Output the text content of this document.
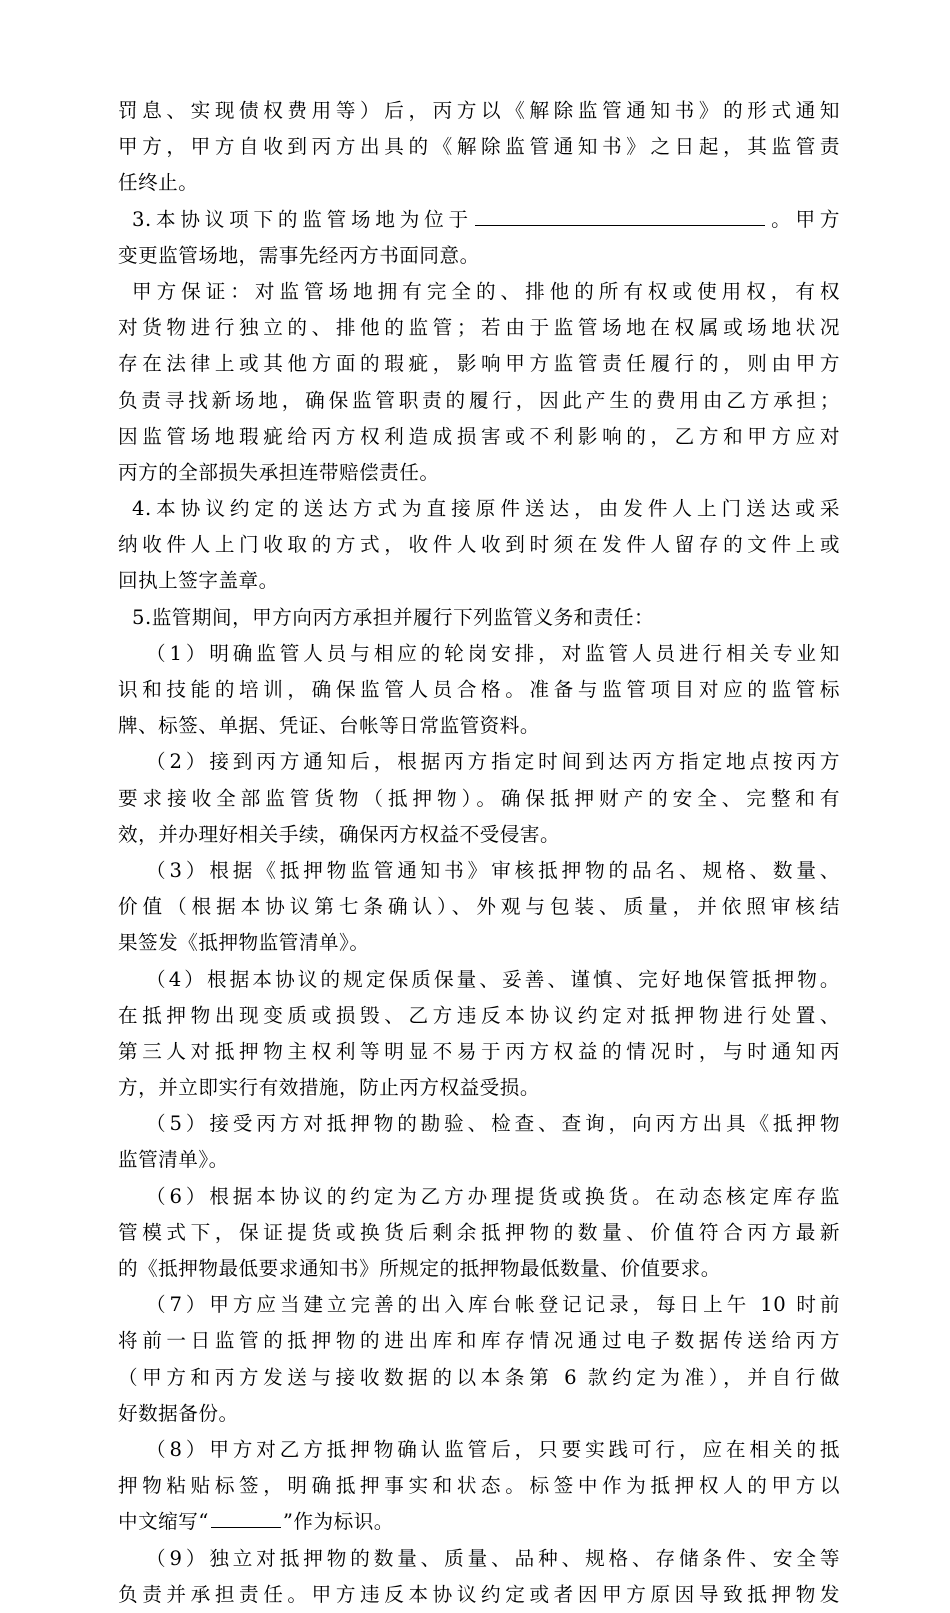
罚息、实现债权费用等）后，丙方以《解除监管通知书》的形式通知
甲方，甲方自收到丙方出具的《解除监管通知书》之日起，其监管责
任终止。
3.本协议项下的监管场地为位于	。甲方
变更监管场地，需事先经丙方书面同意。
甲方保证：对监管场地拥有完全的、排他的所有权或使用权，有权
对货物进行独立的、排他的监管；若由于监管场地在权属或场地状况
存在法律上或其他方面的瑕疵，影响甲方监管责任履行的，则由甲方
负责寻找新场地，确保监管职责的履行，因此产生的费用由乙方承担；
因监管场地瑕疵给丙方权利造成损害或不利影响的，乙方和甲方应对
丙方的全部损失承担连带赔偿责任。
4.本协议约定的送达方式为直接原件送达，由发件人上门送达或采
纳收件人上门收取的方式，收件人收到时须在发件人留存的文件上或
回执上签字盖章。
5.监管期间，甲方向丙方承担并履行下列监管义务和责任：
（1）明确监管人员与相应的轮岗安排，对监管人员进行相关专业知
识和技能的培训，确保监管人员合格。准备与监管项目对应的监管标
牌、标签、单据、凭证、台帐等日常监管资料。
（2）接到丙方通知后，根据丙方指定时间到达丙方指定地点按丙方
要求接收全部监管货物（抵押物）。确保抵押财产的安全、完整和有
效，并办理好相关手续，确保丙方权益不受侵害。
（3）根据《抵押物监管通知书》审核抵押物的品名、规格、数量、
价值（根据本协议第七条确认）、外观与包装、质量，并依照审核结
果签发《抵押物监管清单》。
（4）根据本协议的规定保质保量、妥善、谨慎、完好地保管抵押物。
在抵押物出现变质或损毁、乙方违反本协议约定对抵押物进行处置、
第三人对抵押物主权利等明显不易于丙方权益的情况时，与时通知丙
方，并立即实行有效措施，防止丙方权益受损。
（5）接受丙方对抵押物的勘验、检查、查询，向丙方出具《抵押物
监管清单》。
（6）根据本协议的约定为乙方办理提货或换货。在动态核定库存监
管模式下，保证提货或换货后剩余抵押物的数量、价值符合丙方最新
的《抵押物最低要求通知书》所规定的抵押物最低数量、价值要求。
（7）甲方应当建立完善的出入库台帐登记记录，每日上午 10 时前
将前一日监管的抵押物的进出库和库存情况通过电子数据传送给丙方
（甲方和丙方发送与接收数据的以本条第 6 款约定为准），并自行做
好数据备份。
（8）甲方对乙方抵押物确认监管后，只要实践可行，应在相关的抵
押物粘贴标签，明确抵押事实和状态。标签中作为抵押权人的甲方以
中文缩写“	”作为标识。
（9）独立对抵押物的数量、质量、品种、规格、存储条件、安全等
负责并承担责任。甲方违反本协议约定或者因甲方原因导致抵押物发
